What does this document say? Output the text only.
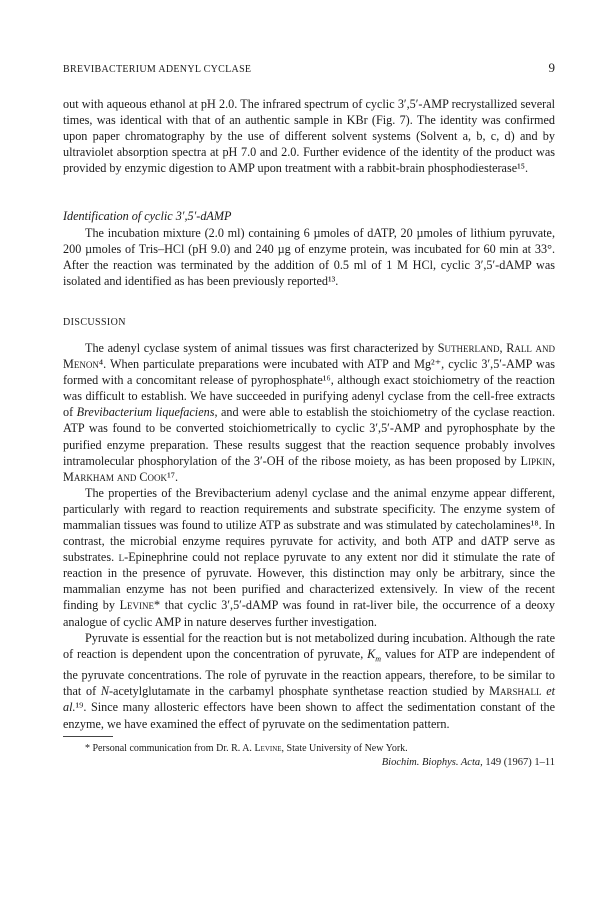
BREVIBACTERIUM ADENYL CYCLASE	9

out with aqueous ethanol at pH 2.0. The infrared spectrum of cyclic 3′,5′-AMP recrystallized several times, was identical with that of an authentic sample in KBr (Fig. 7). The identity was confirmed upon paper chromatography by the use of different solvent systems (Solvent a, b, c, d) and by ultraviolet absorption spectra at pH 7.0 and 2.0. Further evidence of the identity of the product was provided by enzymic digestion to AMP upon treatment with a rabbit-brain phosphodiesterase¹⁵.

Identification of cyclic 3′,5′-dAMP

The incubation mixture (2.0 ml) containing 6 µmoles of dATP, 20 µmoles of lithium pyruvate, 200 µmoles of Tris–HCl (pH 9.0) and 240 µg of enzyme protein, was incubated for 60 min at 33°. After the reaction was terminated by the addition of 0.5 ml of 1 M HCl, cyclic 3′,5′-dAMP was isolated and identified as has been previously reported¹³.

DISCUSSION

The adenyl cyclase system of animal tissues was first characterized by Sutherland, Rall and Menon⁴. When particulate preparations were incubated with ATP and Mg²⁺, cyclic 3′,5′-AMP was formed with a concomitant release of pyrophosphate¹⁶, although exact stoichiometry of the reaction was difficult to establish. We have succeeded in purifying adenyl cyclase from the cell-free extracts of Brevibacterium liquefaciens, and were able to establish the stoichiometry of the cyclase reaction. ATP was found to be converted stoichiometrically to cyclic 3′,5′-AMP and pyrophosphate by the purified enzyme preparation. These results suggest that the reaction sequence probably involves intramolecular phosphorylation of the 3′-OH of the ribose moiety, as has been proposed by Lipkin, Markham and Cook¹⁷.

The properties of the Brevibacterium adenyl cyclase and the animal enzyme appear different, particularly with regard to reaction requirements and substrate specificity. The enzyme system of mammalian tissues was found to utilize ATP as substrate and was stimulated by catecholamines¹⁸. In contrast, the microbial enzyme requires pyruvate for activity, and both ATP and dATP serve as substrates. l-Epinephrine could not replace pyruvate to any extent nor did it stimulate the rate of reaction in the presence of pyruvate. However, this distinction may only be arbitrary, since the mammalian enzyme has not been purified and characterized extensively. In view of the recent finding by Levine* that cyclic 3′,5′-dAMP was found in rat-liver bile, the occurrence of a deoxy analogue of cyclic AMP in nature deserves further investigation.

Pyruvate is essential for the reaction but is not metabolized during incubation. Although the rate of reaction is dependent upon the concentration of pyruvate, $K_m$ values for ATP are independent of the pyruvate concentrations. The role of pyruvate in the reaction appears, therefore, to be similar to that of N-acetylglutamate in the carbamyl phosphate synthetase reaction studied by Marshall et al.¹⁹. Since many allosteric effectors have been shown to affect the sedimentation constant of the enzyme, we have examined the effect of pyruvate on the sedimentation pattern.

* Personal communication from Dr. R. A. Levine, State University of New York.
Biochim. Biophys. Acta, 149 (1967) 1–11
